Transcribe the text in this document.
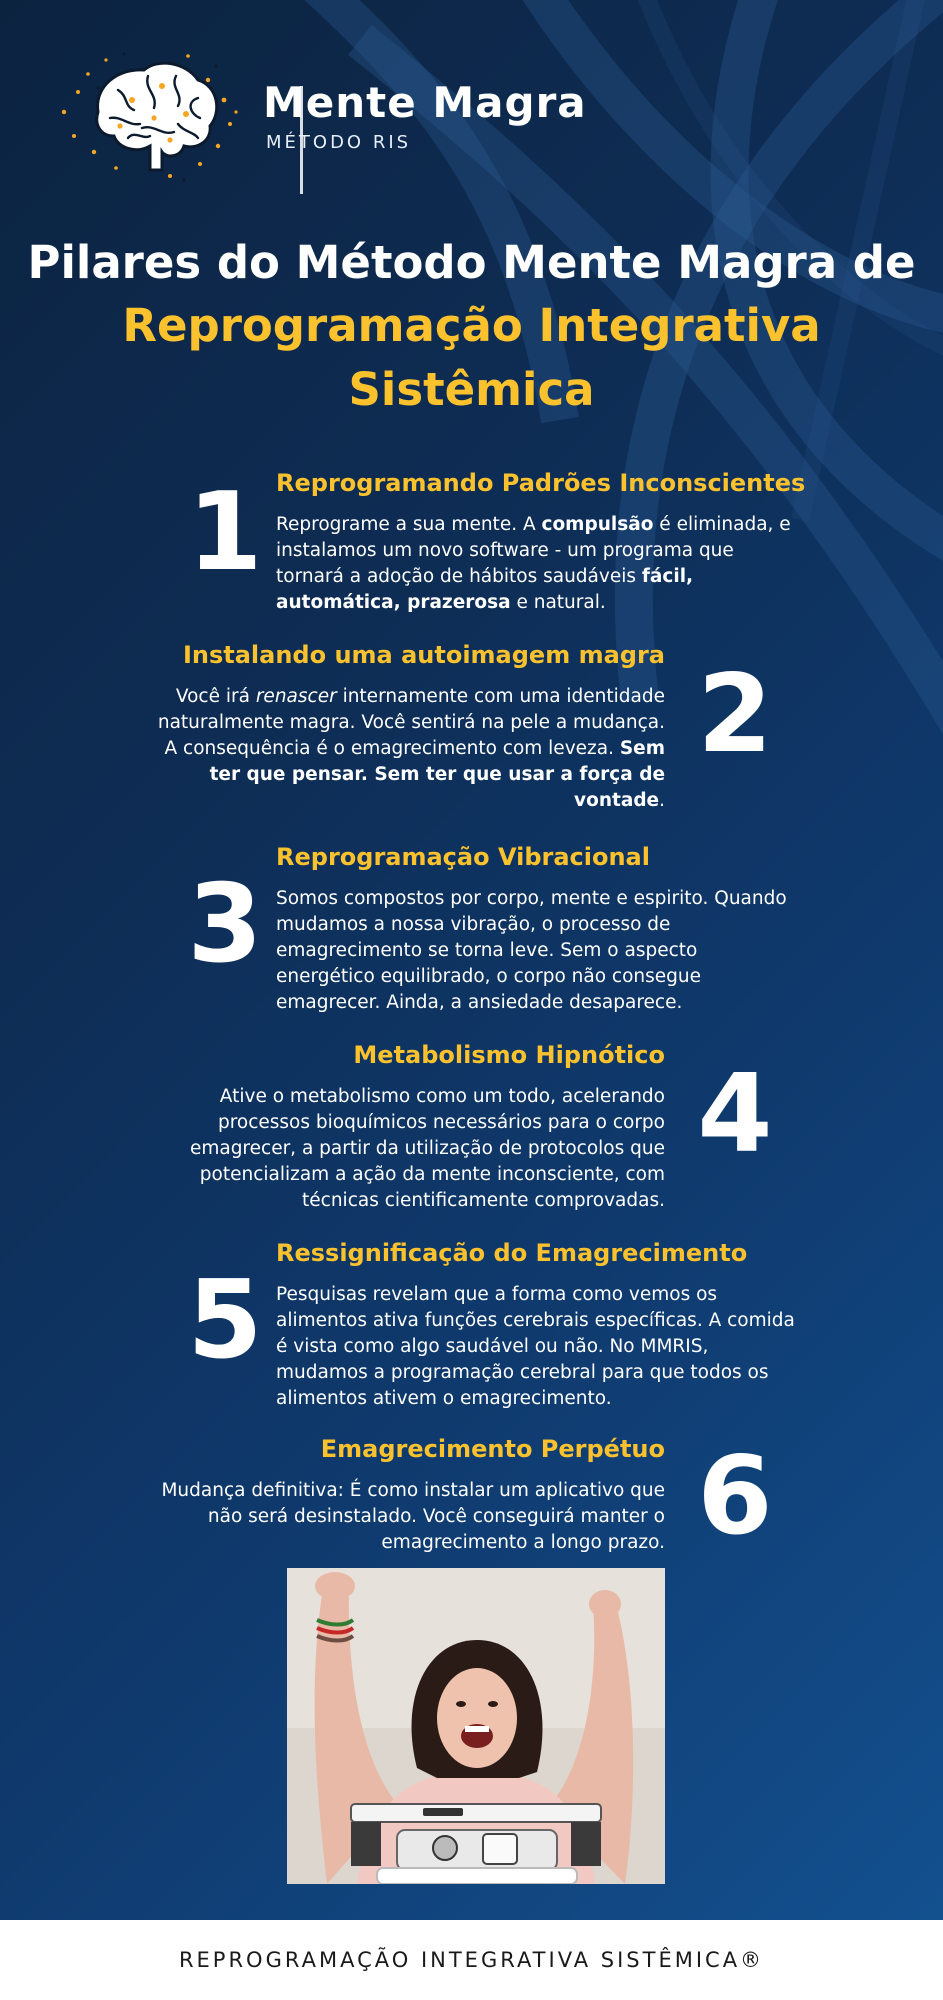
Mente Magra
MÉTODO RIS
Pilares do Método Mente Magra de
Reprogramação Integrativa
Sistêmica
1 Reprogramando Padrões Inconscientes
Reprograme a sua mente. A compulsão é eliminada, e instalamos um novo software - um programa que tornará a adoção de hábitos saudáveis fácil, automática, prazerosa e natural.
2
Instalando uma autoimagem magra
Você irá renascer internamente com uma identidade naturalmente magra. Você sentirá na pele a mudança. A consequência é o emagrecimento com leveza. Sem ter que pensar. Sem ter que usar a força de vontade.
3
Reprogramação Vibracional
Somos compostos por corpo, mente e espirito. Quando mudamos a nossa vibração, o processo de emagrecimento se torna leve. Sem o aspecto energético equilibrado, o corpo não consegue emagrecer. Ainda, a ansiedade desaparece.
4
Metabolismo Hipnótico
Ative o metabolismo como um todo, acelerando processos bioquímicos necessários para o corpo emagrecer, a partir da utilização de protocolos que potencializam a ação da mente inconsciente, com técnicas cientificamente comprovadas.
5
Ressignificação do Emagrecimento
Pesquisas revelam que a forma como vemos os alimentos ativa funções cerebrais específicas. A comida é vista como algo saudável ou não. No MMRIS, mudamos a programação cerebral para que todos os alimentos ativem o emagrecimento.
6
Emagrecimento Perpétuo
Mudança definitiva: É como instalar um aplicativo que não será desinstalado. Você conseguirá manter o emagrecimento a longo prazo.
REPROGRAMAÇÃO INTEGRATIVA SISTÊMICA®
